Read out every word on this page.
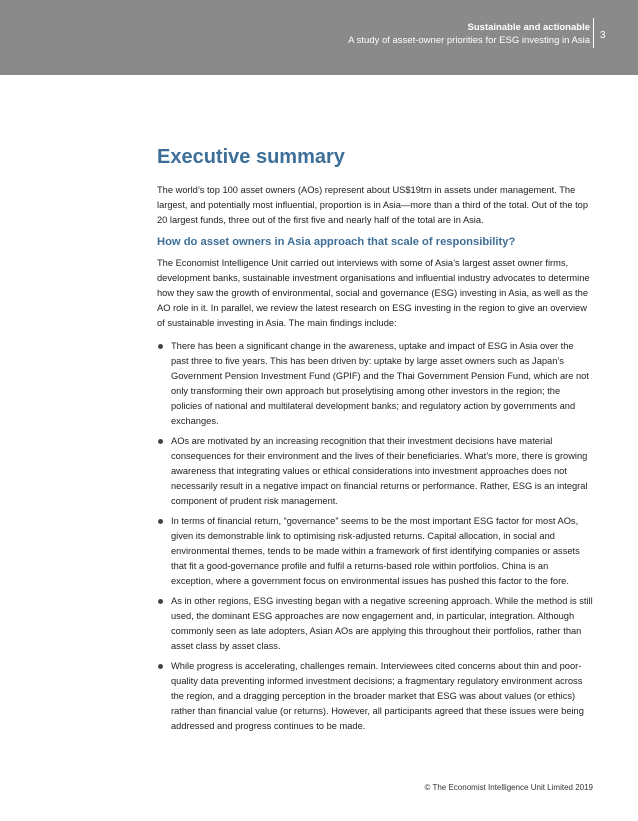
Sustainable and actionable
A study of asset-owner priorities for ESG investing in Asia 3
Executive summary

The world’s top 100 asset owners (AOs) represent about US$19trn in assets under management. The largest, and potentially most influential, proportion is in Asia—more than a third of the total. Out of the top 20 largest funds, three out of the first five and nearly half of the total are in Asia.

How do asset owners in Asia approach that scale of responsibility?

The Economist Intelligence Unit carried out interviews with some of Asia’s largest asset owner firms, development banks, sustainable investment organisations and influential industry advocates to determine how they saw the growth of environmental, social and governance (ESG) investing in Asia, as well as the AO role in it. In parallel, we review the latest research on ESG investing in the region to give an overview of sustainable investing in Asia. The main findings include:

There has been a significant change in the awareness, uptake and impact of ESG in Asia over the past three to five years. This has been driven by: uptake by large asset owners such as Japan’s Government Pension Investment Fund (GPIF) and the Thai Government Pension Fund, which are not only transforming their own approach but proselytising among other investors in the region; the policies of national and multilateral development banks; and regulatory action by governments and exchanges.
AOs are motivated by an increasing recognition that their investment decisions have material consequences for their environment and the lives of their beneficiaries. What’s more, there is growing awareness that integrating values or ethical considerations into investment approaches does not necessarily result in a negative impact on financial returns or performance. Rather, ESG is an integral component of prudent risk management.
In terms of financial return, “governance” seems to be the most important ESG factor for most AOs, given its demonstrable link to optimising risk-adjusted returns. Capital allocation, in social and environmental themes, tends to be made within a framework of first identifying companies or assets that fit a good-governance profile and fulfil a returns-based role within portfolios. China is an exception, where a government focus on environmental issues has pushed this factor to the fore.
As in other regions, ESG investing began with a negative screening approach. While the method is still used, the dominant ESG approaches are now engagement and, in particular, integration. Although commonly seen as late adopters, Asian AOs are applying this throughout their portfolios, rather than asset class by asset class.
While progress is accelerating, challenges remain. Interviewees cited concerns about thin and poor-quality data preventing informed investment decisions; a fragmentary regulatory environment across the region, and a dragging perception in the broader market that ESG was about values (or ethics) rather than financial value (or returns). However, all participants agreed that these issues were being addressed and progress continues to be made.
© The Economist Intelligence Unit Limited 2019
